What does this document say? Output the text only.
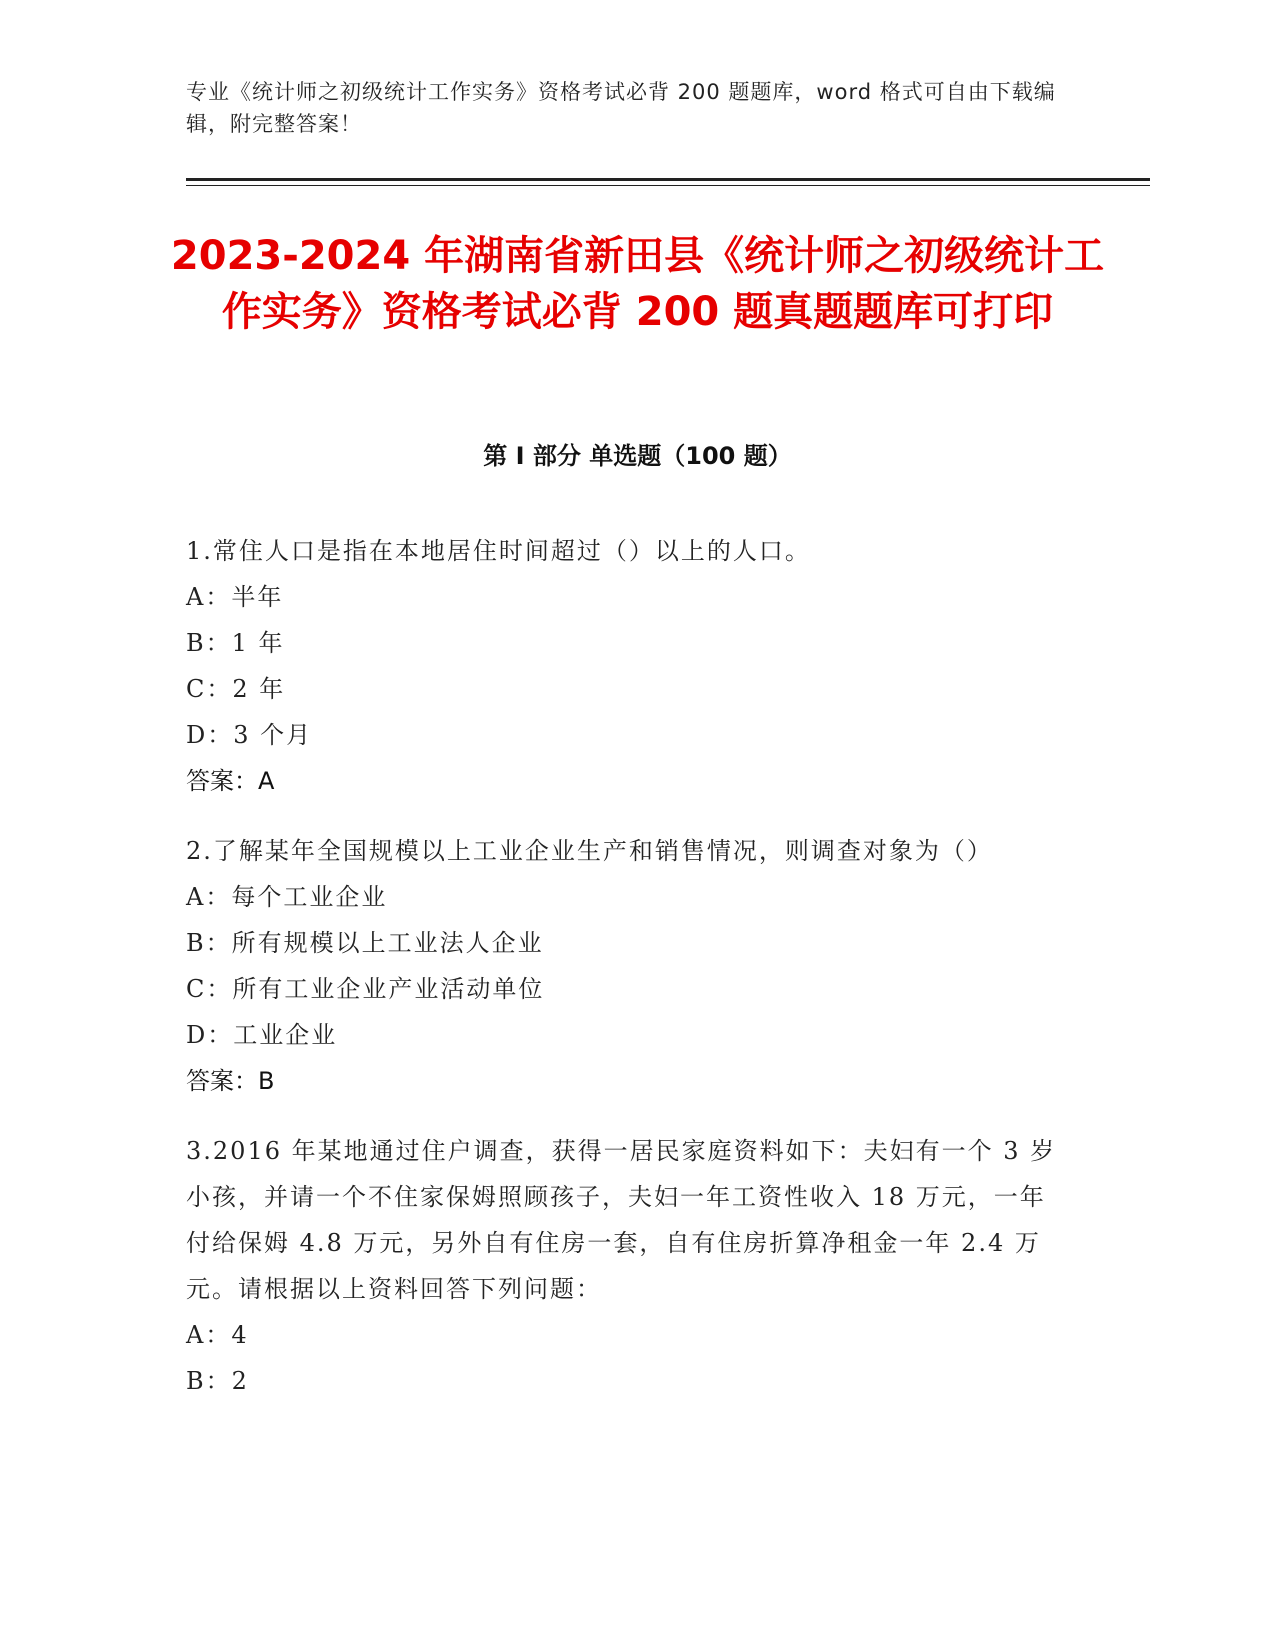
专业《统计师之初级统计工作实务》资格考试必背 200 题题库，word 格式可自由下载编辑，附完整答案！
2023-2024 年湖南省新田县《统计师之初级统计工作实务》资格考试必背 200 题真题题库可打印
第 I 部分 单选题（100 题）
1.常住人口是指在本地居住时间超过（）以上的人口。
A：半年
B：1 年
C：2 年
D：3 个月
答案：A
2.了解某年全国规模以上工业企业生产和销售情况，则调查对象为（）
A：每个工业企业
B：所有规模以上工业法人企业
C：所有工业企业产业活动单位
D：工业企业
答案：B
3.2016 年某地通过住户调查，获得一居民家庭资料如下：夫妇有一个 3 岁小孩，并请一个不住家保姆照顾孩子，夫妇一年工资性收入 18 万元，一年付给保姆 4.8 万元，另外自有住房一套，自有住房折算净租金一年 2.4 万元。请根据以上资料回答下列问题：
A：4
B：2
